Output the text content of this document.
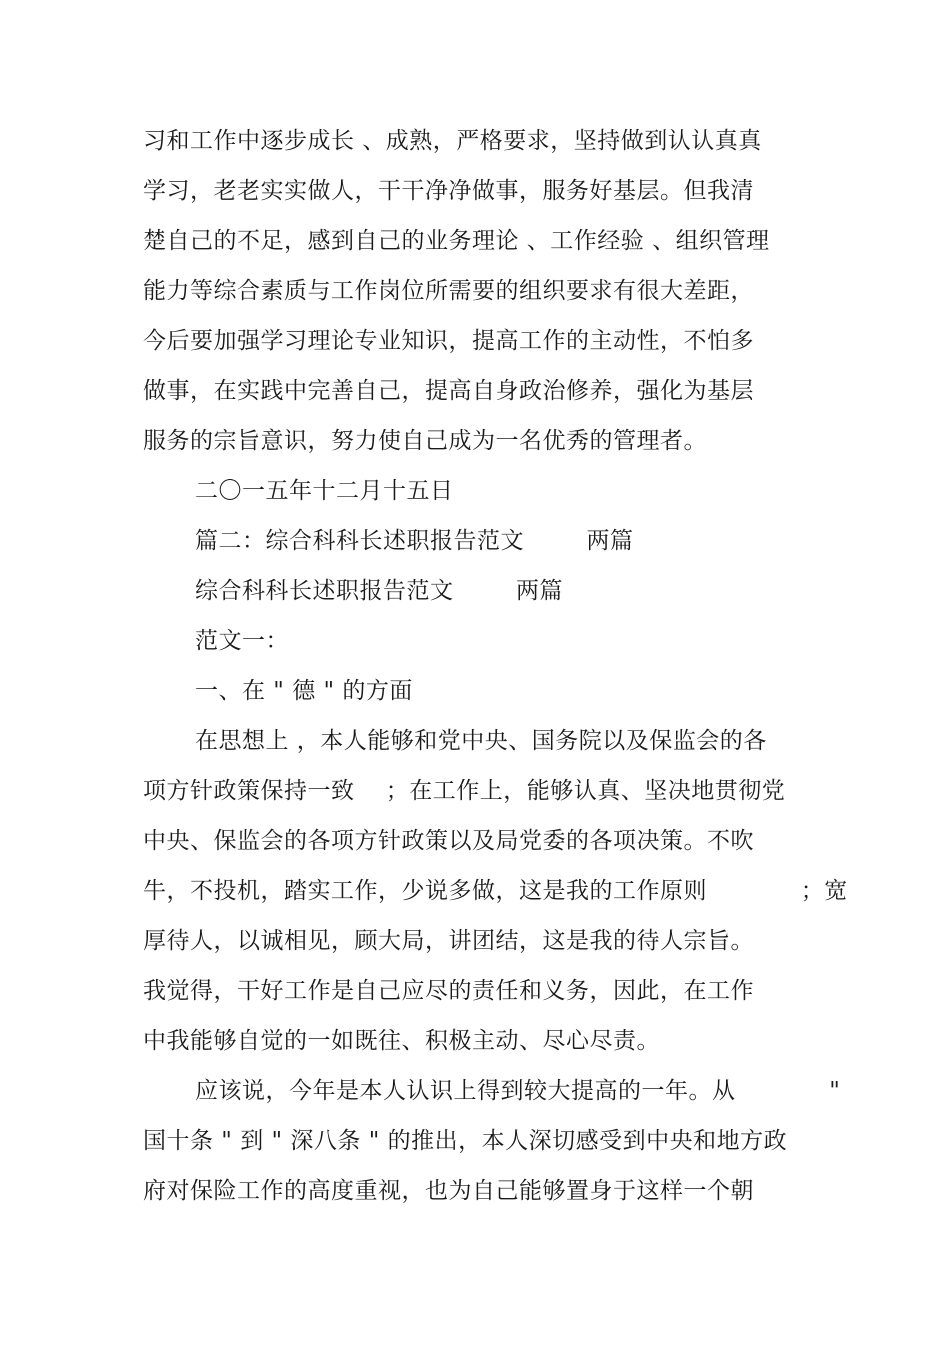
习和工作中逐步成长 、成熟，严格要求，坚持做到认认真真
学习，老老实实做人，干干净净做事，服务好基层。但我清
楚自己的不足，感到自己的业务理论 、工作经验 、组织管理
能力等综合素质与工作岗位所需要的组织要求有很大差距，
今后要加强学习理论专业知识，提高工作的主动性，不怕多
做事，在实践中完善自己，提高自身政治修养，强化为基层
服务的宗旨意识，努力使自己成为一名优秀的管理者。
二〇一五年十二月十五日
篇二：综合科科长述职报告范文        两篇
综合科科长述职报告范文        两篇
范文一：
一、在 " 德 " 的方面
在思想上 ，本人能够和党中央、国务院以及保监会的各
项方针政策保持一致    ；在工作上，能够认真、坚决地贯彻党
中央、保监会的各项方针政策以及局党委的各项决策。不吹
牛，不投机，踏实工作，少说多做，这是我的工作原则            ；宽
厚待人，以诚相见，顾大局，讲团结，这是我的待人宗旨。
我觉得，干好工作是自己应尽的责任和义务，因此，在工作
中我能够自觉的一如既往、积极主动、尽心尽责。
应该说，今年是本人认识上得到较大提高的一年。从            "
国十条 " 到 " 深八条 " 的推出，本人深切感受到中央和地方政
府对保险工作的高度重视，也为自己能够置身于这样一个朝
